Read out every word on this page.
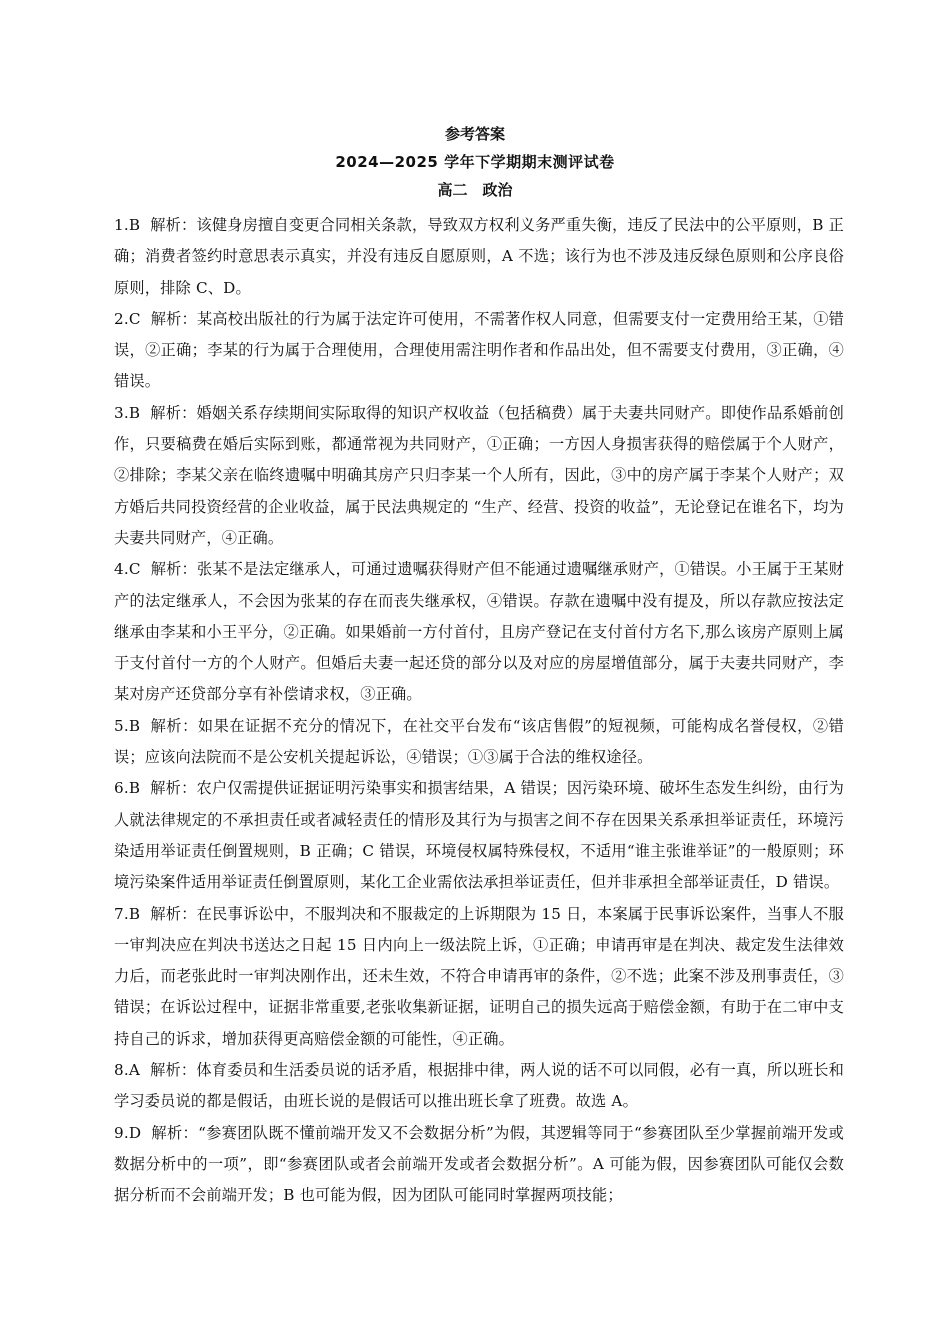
参考答案
2024—2025 学年下学期期末测评试卷
高二　政治

1.B 解析：该健身房擅自变更合同相关条款，导致双方权利义务严重失衡，违反了民法中的公平原则，B 正确；消费者签约时意思表示真实，并没有违反自愿原则，A 不选；该行为也不涉及违反绿色原则和公序良俗原则，排除 C、D。

2.C 解析：某高校出版社的行为属于法定许可使用，不需著作权人同意，但需要支付一定费用给王某，①错误，②正确；李某的行为属于合理使用，合理使用需注明作者和作品出处，但不需要支付费用，③正确，④错误。

3.B 解析：婚姻关系存续期间实际取得的知识产权收益（包括稿费）属于夫妻共同财产。即使作品系婚前创作，只要稿费在婚后实际到账，都通常视为共同财产，①正确；一方因人身损害获得的赔偿属于个人财产，②排除；李某父亲在临终遗嘱中明确其房产只归李某一个人所有，因此，③中的房产属于李某个人财产；双方婚后共同投资经营的企业收益，属于民法典规定的 “生产、经营、投资的收益”，无论登记在谁名下，均为夫妻共同财产，④正确。

4.C 解析：张某不是法定继承人，可通过遗嘱获得财产但不能通过遗嘱继承财产，①错误。小王属于王某财产的法定继承人，不会因为张某的存在而丧失继承权，④错误。存款在遗嘱中没有提及，所以存款应按法定继承由李某和小王平分，②正确。如果婚前一方付首付，且房产登记在支付首付方名下,那么该房产原则上属于支付首付一方的个人财产。但婚后夫妻一起还贷的部分以及对应的房屋增值部分，属于夫妻共同财产，李某对房产还贷部分享有补偿请求权，③正确。

5.B 解析：如果在证据不充分的情况下，在社交平台发布“该店售假”的短视频，可能构成名誉侵权，②错误；应该向法院而不是公安机关提起诉讼，④错误；①③属于合法的维权途径。

6.B 解析：农户仅需提供证据证明污染事实和损害结果，A 错误；因污染环境、破坏生态发生纠纷，由行为人就法律规定的不承担责任或者减轻责任的情形及其行为与损害之间不存在因果关系承担举证责任，环境污染适用举证责任倒置规则，B 正确；C 错误，环境侵权属特殊侵权，不适用“谁主张谁举证”的一般原则；环境污染案件适用举证责任倒置原则，某化工企业需依法承担举证责任，但并非承担全部举证责任，D 错误。

7.B 解析：在民事诉讼中，不服判决和不服裁定的上诉期限为 15 日，本案属于民事诉讼案件，当事人不服一审判决应在判决书送达之日起 15 日内向上一级法院上诉，①正确；申请再审是在判决、裁定发生法律效力后，而老张此时一审判决刚作出，还未生效，不符合申请再审的条件，②不选；此案不涉及刑事责任，③错误；在诉讼过程中，证据非常重要,老张收集新证据，证明自己的损失远高于赔偿金额，有助于在二审中支持自己的诉求，增加获得更高赔偿金额的可能性，④正确。

8.A 解析：体育委员和生活委员说的话矛盾，根据排中律，两人说的话不可以同假，必有一真，所以班长和学习委员说的都是假话，由班长说的是假话可以推出班长拿了班费。故选 A。

9.D 解析：“参赛团队既不懂前端开发又不会数据分析”为假，其逻辑等同于“参赛团队至少掌握前端开发或数据分析中的一项”，即“参赛团队或者会前端开发或者会数据分析”。A 可能为假，因参赛团队可能仅会数据分析而不会前端开发；B 也可能为假，因为团队可能同时掌握两项技能；
